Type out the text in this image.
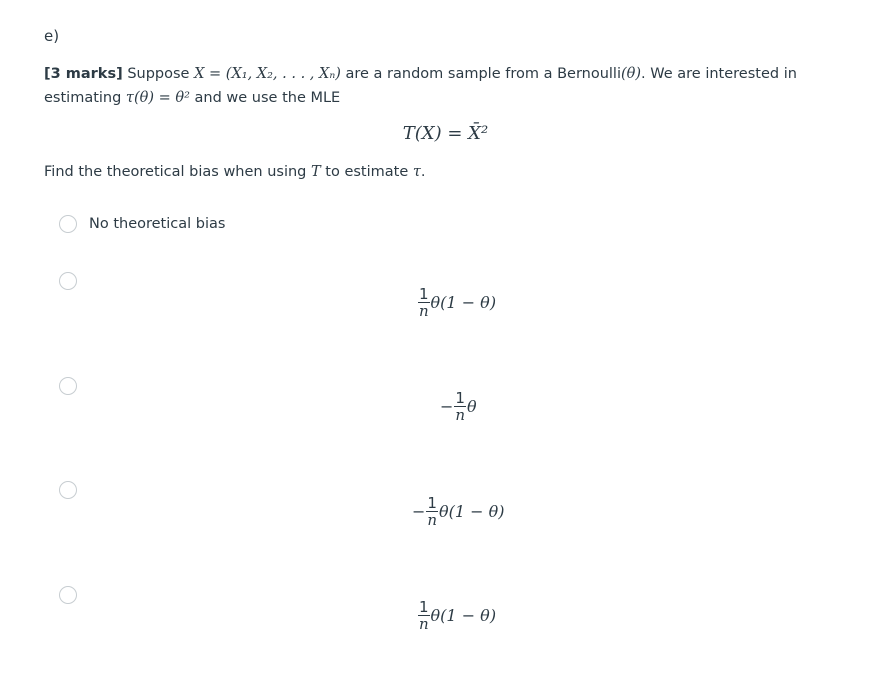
e)
[3 marks] Suppose X = (X₁, X₂, . . . , Xₙ) are a random sample from a Bernoulli(θ). We are interested in
estimating τ(θ) = θ² and we use the MLE
T(X) = X̄²
Find the theoretical bias when using T to estimate τ.
No theoretical bias
$\frac{1}{n} \theta(1 - \theta)$
− $\frac{1}{n}$ θ
− $\frac{1}{n} \theta(1 - \theta)$
$\frac{1}{n} \theta(1 - \theta)$
